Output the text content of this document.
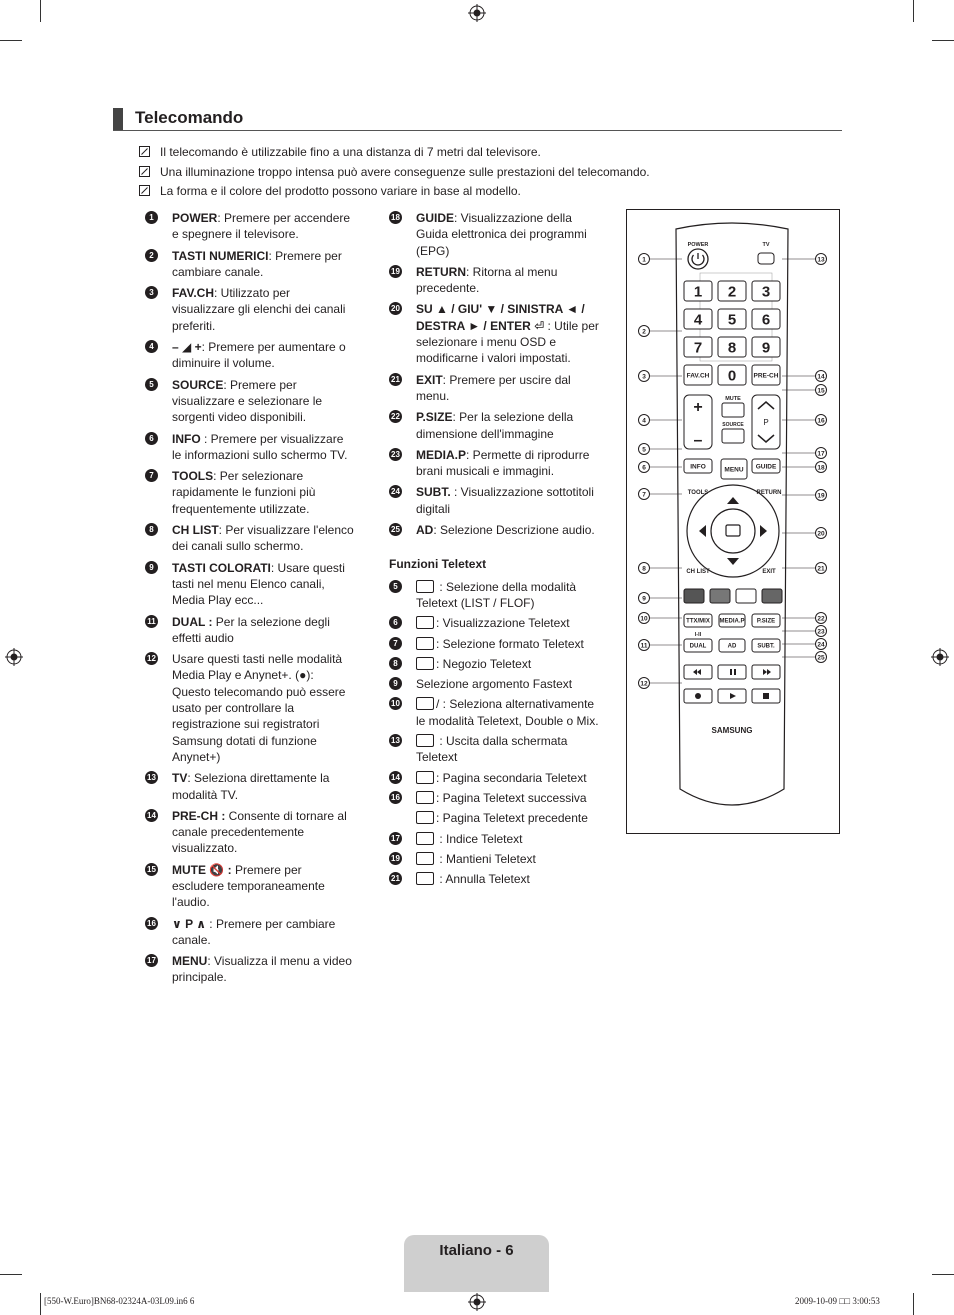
Telecomando
Il telecomando è utilizzabile fino a una distanza di 7 metri dal televisore.
Una illuminazione troppo intensa può avere conseguenze sulle prestazioni del telecomando.
La forma e il colore del prodotto possono variare in base al modello.
1	POWER: Premere per accendere e spegnere il televisore.
2	TASTI NUMERICI: Premere per cambiare canale.
3	FAV.CH: Utilizzato per visualizzare gli elenchi dei canali preferiti.
4	– ◢ +: Premere per aumentare o diminuire il volume.
5	SOURCE: Premere per visualizzare e selezionare le sorgenti video disponibili.
6	INFO : Premere per visualizzare le informazioni sullo schermo TV.
7	TOOLS: Per selezionare rapidamente le funzioni più frequentemente utilizzate.
8	CH LIST: Per visualizzare l'elenco dei canali sullo schermo.
9	TASTI COLORATI: Usare questi tasti nel menu Elenco canali, Media Play ecc...
11 DUAL : Per la selezione degli effetti audio
12 Usare questi tasti nelle modalità Media Play e Anynet+. (●): Questo telecomando può essere usato per controllare la registrazione sui registratori Samsung dotati di funzione Anynet+)
13 TV: Seleziona direttamente la modalità TV.
14 PRE-CH : Consente di tornare al canale precedentemente visualizzato.
15 MUTE 🔇 : Premere per escludere temporaneamente l'audio.
16 ∨ P ∧ : Premere per cambiare canale.
17 MENU: Visualizza il menu a video principale.
18 GUIDE: Visualizzazione della Guida elettronica dei programmi (EPG)
19 RETURN: Ritorna al menu precedente.
20 SU ▲ / GIU' ▼ / SINISTRA ◄ / DESTRA ► / ENTER ⏎ : Utile per selezionare i menu OSD e modificarne i valori impostati.
21 EXIT: Premere per uscire dal menu.
22 P.SIZE: Per la selezione della dimensione dell'immagine
23 MEDIA.P: Permette di riprodurre brani musicali e immagini.
24 SUBT. : Visualizzazione sottotitoli digitali
25 AD: Selezione Descrizione audio.
Funzioni Teletext
5	: Selezione della modalità Teletext (LIST / FLOF)
6	: Visualizzazione Teletext
7	: Selezione formato Teletext
8	: Negozio Teletext
9	Selezione argomento Fastext
10	/ : Seleziona alternativamente le modalità Teletext, Double o Mix.
13	: Uscita dalla schermata Teletext
14	: Pagina secondaria Teletext
16	: Pagina Teletext successiva
: Pagina Teletext precedente
17	: Indice Teletext
19	: Mantieni Teletext
21	: Annulla Teletext
POWER	TV
1 2 3
4 5 6
7 8 9
FAV.CH 0	PRE-CH
+
–
MUTE
SOURCE P
INFO	MENU GUIDE
TOOLS	RETURN
CH LIST	EXIT
TTX/MIX MEDIA.P P.SIZE
I-II
DUAL	AD	SUBT.
SAMSUNG
1
2
3
4
5
6
7
8
9
10
11
12
13
14
15
16
17
18
19
20
21
22
23
24
25
Italiano - 6
[550-W.Euro]BN68-02324A-03L09.in6 6	2009-10-09 □□ 3:00:53
